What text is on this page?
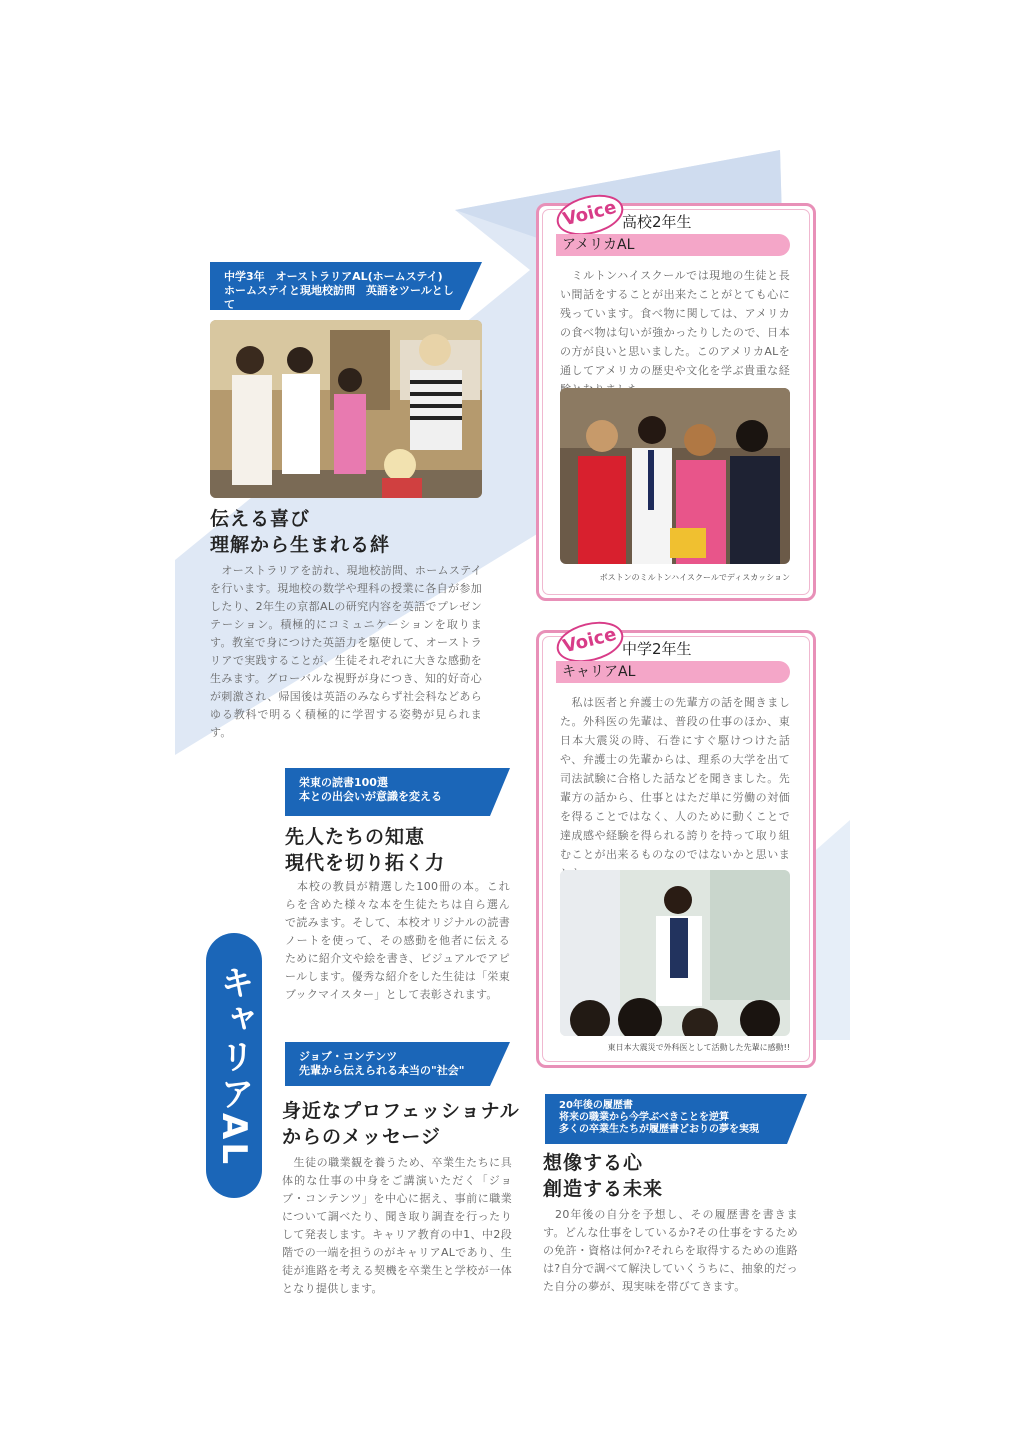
中学3年　オーストラリアAL(ホームステイ)
ホームステイと現地校訪問　英語をツールとして
伝える喜び
理解から生まれる絆
　オーストラリアを訪れ、現地校訪問、ホームステイを行います。現地校の数学や理科の授業に各自が参加したり、2年生の京都ALの研究内容を英語でプレゼンテーション。積極的にコミュニケーションを取ります。教室で身につけた英語力を駆使して、オーストラリアで実践することが、生徒それぞれに大きな感動を生みます。グローバルな視野が身につき、知的好奇心が刺激され、帰国後は英語のみならず社会科などあらゆる教科で明るく積極的に学習する姿勢が見られます。
栄東の読書100選
本との出会いが意識を変える
先人たちの知恵
現代を切り拓く力
　本校の教員が精選した100冊の本。これらを含めた様々な本を生徒たちは自ら選んで読みます。そして、本校オリジナルの読書ノートを使って、その感動を他者に伝えるために紹介文や絵を書き、ビジュアルでアピールします。優秀な紹介をした生徒は「栄東ブックマイスター」として表彰されます。
ジョブ・コンテンツ
先輩から伝えられる本当の"社会"
身近なプロフェッショナル
からのメッセージ
　生徒の職業観を養うため、卒業生たちに具体的な仕事の中身をご講演いただく「ジョブ・コンテンツ」を中心に据え、事前に職業について調べたり、聞き取り調査を行ったりして発表します。キャリア教育の中1、中2段階での一端を担うのがキャリアALであり、生徒が進路を考える契機を卒業生と学校が一体となり提供します。
キャリアAL
Voice 高校2年生
アメリカAL
　ミルトンハイスクールでは現地の生徒と長い間話をすることが出来たことがとても心に残っています。食べ物に関しては、アメリカの食べ物は匂いが強かったりしたので、日本の方が良いと思いました。このアメリカALを通してアメリカの歴史や文化を学ぶ貴重な経
ボストンのミルトンハイスクールでディスカッション
Voice 中学2年生
キャリアAL
　私は医者と弁護士の先輩方の話を聞きました。外科医の先輩は、普段の仕事のほか、東日本大震災の時、石巻にすぐ駆けつけた話や、弁護士の先輩からは、理系の大学を出て司法試験に合格した話などを聞きました。先輩方の話から、仕事とはただ単に労働の対価を得ることではなく、人のために動くことで達成感や経験を得られる誇りを持って取り組むことが出来るものなのではないかと思いま
東日本大震災で外科医として活動した先輩に感動!!
20年後の履歴書
将来の職業から今学ぶべきことを逆算
多くの卒業生たちが履歴書どおりの夢を実現
想像する心
創造する未来
　20年後の自分を予想し、その履歴書を書きます。どんな仕事をしているか?その仕事をするための免許・資格は何か?それらを取得するための進路は?自分で調べて解決していくうちに、抽象的だった自分の夢が、現実味を帯びてきます。
